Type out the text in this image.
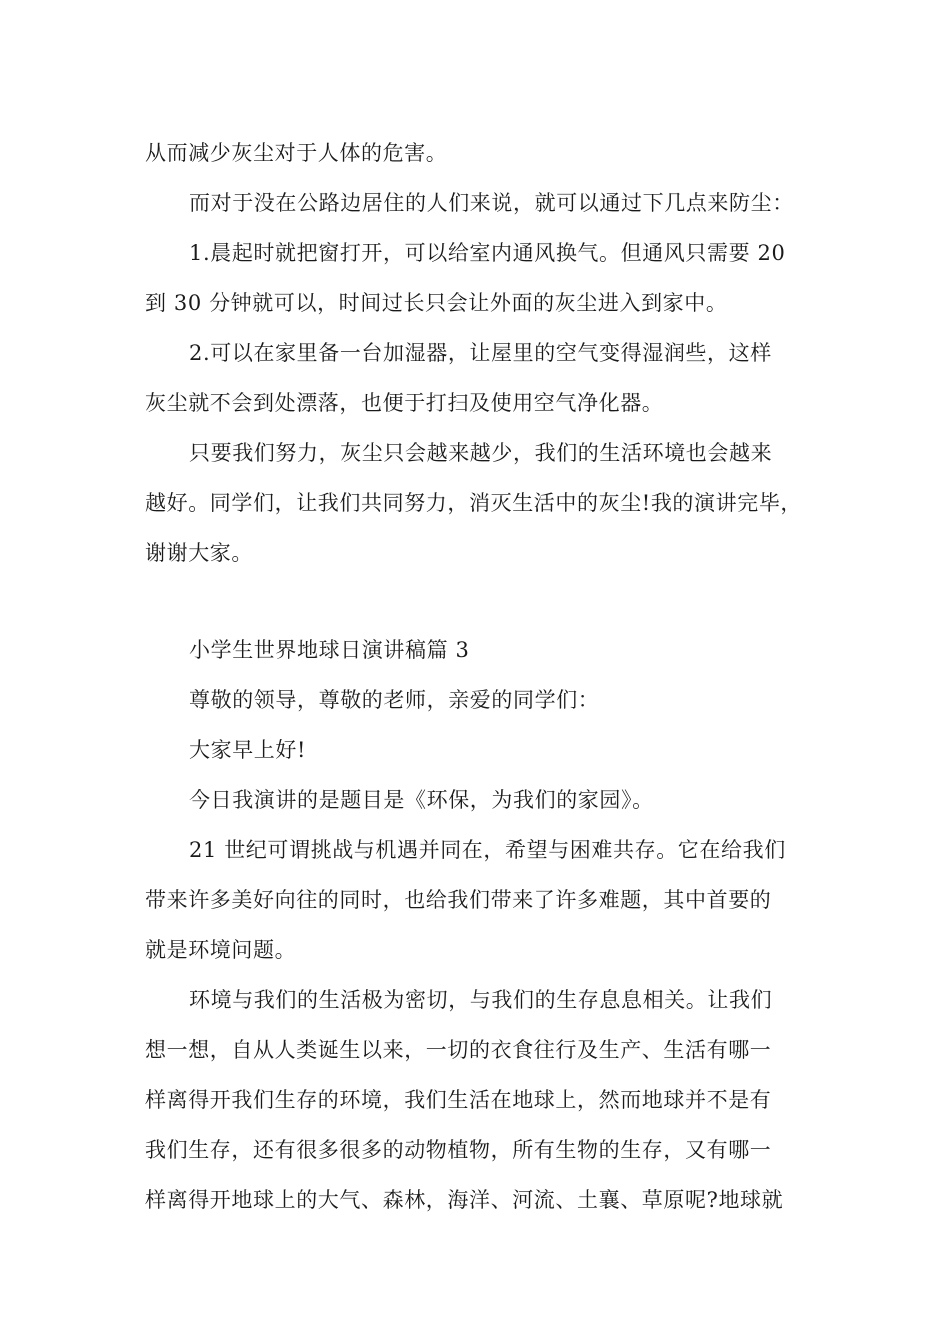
从而减少灰尘对于人体的危害。
而对于没在公路边居住的人们来说，就可以通过下几点来防尘：
1.晨起时就把窗打开，可以给室内通风换气。但通风只需要 20
到 30 分钟就可以，时间过长只会让外面的灰尘进入到家中。
2.可以在家里备一台加湿器，让屋里的空气变得湿润些，这样
灰尘就不会到处漂落，也便于打扫及使用空气净化器。
只要我们努力，灰尘只会越来越少，我们的生活环境也会越来
越好。同学们，让我们共同努力，消灭生活中的灰尘!我的演讲完毕，
谢谢大家。
小学生世界地球日演讲稿篇 3
尊敬的领导，尊敬的老师，亲爱的同学们：
大家早上好!
今日我演讲的是题目是《环保，为我们的家园》。
21 世纪可谓挑战与机遇并同在，希望与困难共存。它在给我们
带来许多美好向往的同时，也给我们带来了许多难题，其中首要的
就是环境问题。
环境与我们的生活极为密切，与我们的生存息息相关。让我们
想一想，自从人类诞生以来，一切的衣食往行及生产、生活有哪一
样离得开我们生存的环境，我们生活在地球上，然而地球并不是有
我们生存，还有很多很多的动物植物，所有生物的生存，又有哪一
样离得开地球上的大气、森林，海洋、河流、土襄、草原呢?地球就
